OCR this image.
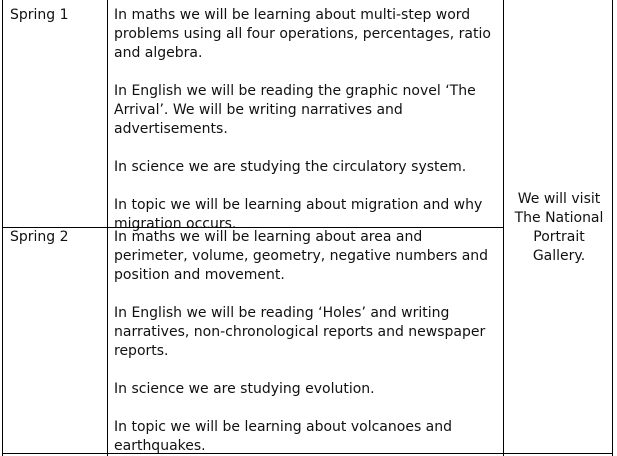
Spring 1	In maths we will be learning about multi-step word problems using all four operations, percentages, ratio and algebra.

In English we will be reading the graphic novel ‘The Arrival’. We will be writing narratives and advertisements.

In science we are studying the circulatory system.

In topic we will be learning about migration and why migration occurs.

Spring 2	In maths we will be learning about area and perimeter, volume, geometry, negative numbers and position and movement.

In English we will be reading ‘Holes’ and writing narratives, non-chronological reports and newspaper reports.

In science we are studying evolution.

In topic we will be learning about volcanoes and earthquakes.

We will visit
The National
Portrait
Gallery.
